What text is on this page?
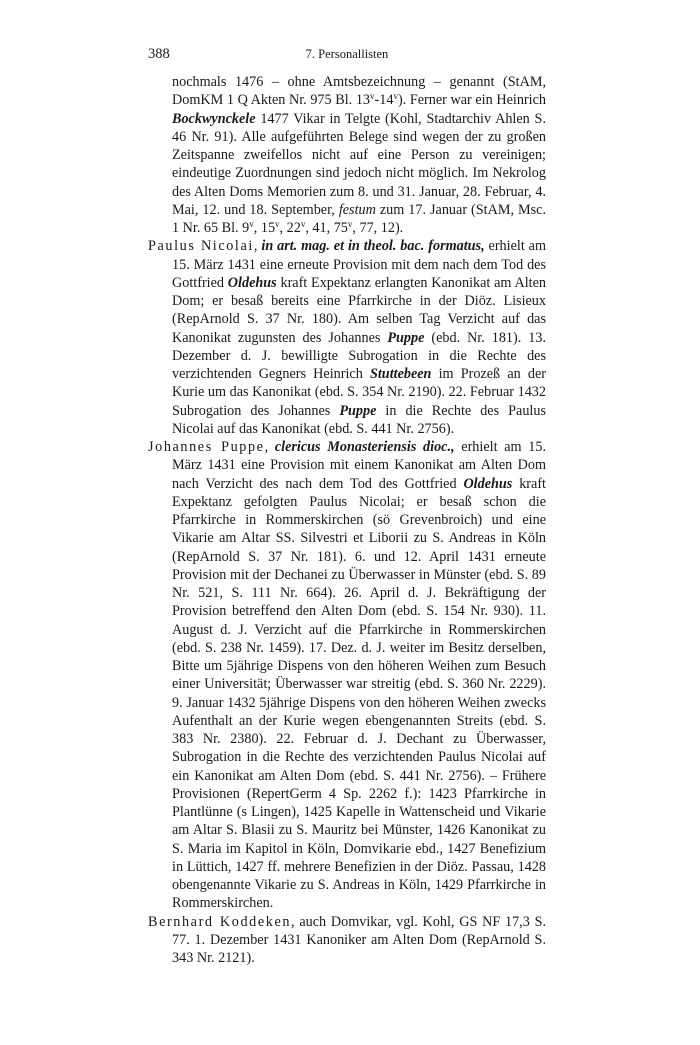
388	7. Personallisten

nochmals 1476 – ohne Amtsbezeichnung – genannt (StAM, DomKM 1 Q Akten Nr. 975 Bl. 13$^v$-14$^v$). Ferner war ein Heinrich Bockwynckele 1477 Vikar in Telgte (Kohl, Stadtarchiv Ahlen S. 46 Nr. 91). Alle aufgeführten Belege sind wegen der zu großen Zeitspanne zweifellos nicht auf eine Person zu vereinigen; eindeutige Zuordnungen sind jedoch nicht möglich. Im Nekrolog des Alten Doms Memorien zum 8. und 31. Januar, 28. Februar, 4. Mai, 12. und 18. September, festum zum 17. Januar (StAM, Msc. 1 Nr. 65 Bl. 9$^v$, 15$^v$, 22$^v$, 41, 75$^v$, 77, 12).

Paulus Nicolai, in art. mag. et in theol. bac. formatus, erhielt am 15. März 1431 eine erneute Provision mit dem nach dem Tod des Gottfried Oldehus kraft Expektanz erlangten Kanonikat am Alten Dom; er besaß bereits eine Pfarrkirche in der Diöz. Lisieux (RepArnold S. 37 Nr. 180). Am selben Tag Verzicht auf das Kanonikat zugunsten des Johannes Puppe (ebd. Nr. 181). 13. Dezember d. J. bewilligte Subrogation in die Rechte des verzichtenden Gegners Heinrich Stuttebeen im Prozeß an der Kurie um das Kanonikat (ebd. S. 354 Nr. 2190). 22. Februar 1432 Subrogation des Johannes Puppe in die Rechte des Paulus Nicolai auf das Kanonikat (ebd. S. 441 Nr. 2756).

Johannes Puppe, clericus Monasteriensis dioc., erhielt am 15. März 1431 eine Provision mit einem Kanonikat am Alten Dom nach Verzicht des nach dem Tod des Gottfried Oldehus kraft Expektanz gefolgten Paulus Nicolai; er besaß schon die Pfarrkirche in Rommerskirchen (sö Grevenbroich) und eine Vikarie am Altar SS. Silvestri et Liborii zu S. Andreas in Köln (RepArnold S. 37 Nr. 181). 6. und 12. April 1431 erneute Provision mit der Dechanei zu Überwasser in Münster (ebd. S. 89 Nr. 521, S. 111 Nr. 664). 26. April d. J. Bekräftigung der Provision betreffend den Alten Dom (ebd. S. 154 Nr. 930). 11. August d. J. Verzicht auf die Pfarrkirche in Rommerskirchen (ebd. S. 238 Nr. 1459). 17. Dez. d. J. weiter im Besitz derselben, Bitte um 5jährige Dispens von den höheren Weihen zum Besuch einer Universität; Überwasser war streitig (ebd. S. 360 Nr. 2229). 9. Januar 1432 5jährige Dispens von den höheren Weihen zwecks Aufenthalt an der Kurie wegen ebengenannten Streits (ebd. S. 383 Nr. 2380). 22. Februar d. J. Dechant zu Überwasser, Subrogation in die Rechte des verzichtenden Paulus Nicolai auf ein Kanonikat am Alten Dom (ebd. S. 441 Nr. 2756). – Frühere Provisionen (RepertGerm 4 Sp. 2262 f.): 1423 Pfarrkirche in Plantlünne (s Lingen), 1425 Kapelle in Wattenscheid und Vikarie am Altar S. Blasii zu S. Mauritz bei Münster, 1426 Kanonikat zu S. Maria im Kapitol in Köln, Domvikarie ebd., 1427 Benefizium in Lüttich, 1427 ff. mehrere Benefizien in der Diöz. Passau, 1428 obengenannte Vikarie zu S. Andreas in Köln, 1429 Pfarrkirche in Rommerskirchen.

Bernhard Koddeken, auch Domvikar, vgl. Kohl, GS NF 17,3 S. 77. 1. Dezember 1431 Kanoniker am Alten Dom (RepArnold S. 343 Nr. 2121).
